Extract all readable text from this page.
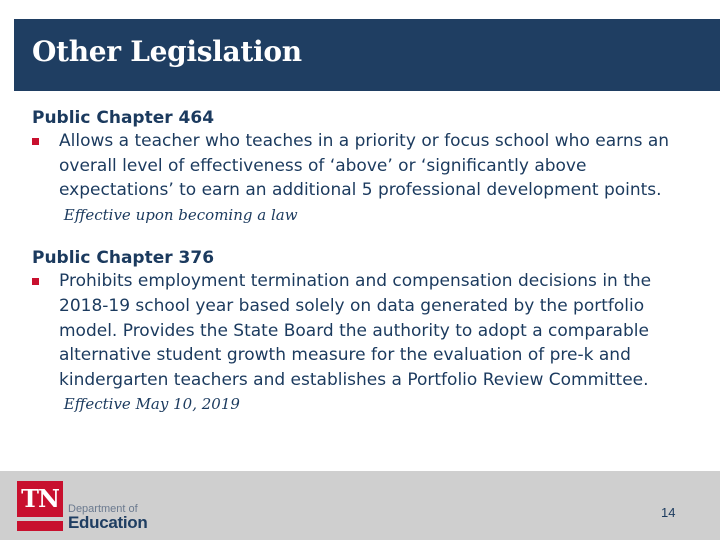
Other Legislation
Public Chapter 464
Allows a teacher who teaches in a priority or focus school who earns an overall level of effectiveness of ‘above’ or ‘significantly above expectations’ to earn an additional 5 professional development points.  Effective upon becoming a law
Public Chapter 376
Prohibits employment termination and compensation decisions in the 2018-19 school year based solely on data generated by the portfolio model. Provides the State Board the authority to adopt a comparable alternative student growth measure for the evaluation of pre-k and kindergarten teachers and establishes a Portfolio Review Committee.  Effective May 10, 2019
TN Department of
Education
14
